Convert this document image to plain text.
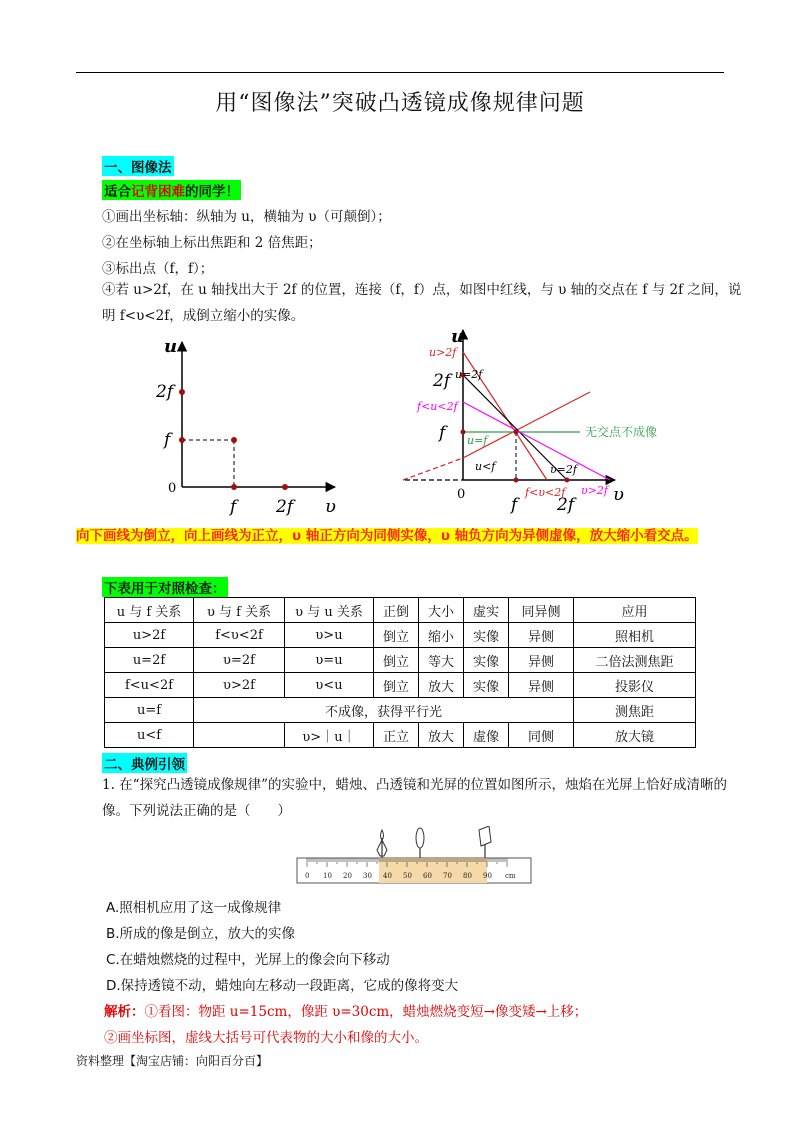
用“图像法”突破凸透镜成像规律问题
一、图像法
适合记背困难的同学！
①画出坐标轴：纵轴为 u，横轴为 υ（可颠倒）；
②在坐标轴上标出焦距和 2 倍焦距；
③标出点（f，f）；
④若 u>2f，在 u 轴找出大于 2f 的位置，连接（f，f）点，如图中红线，与 υ 轴的交点在 f 与 2f 之间，说明 f<υ<2f，成倒立缩小的实像。
u
υ
0
2f
f
f 2f
u
υ
0
2f
f
f 2f
u>2f
u=2f
f<u<2f
u=f
u<f	υ=2f
f<υ<2f υ>2f
无交点不成像
向下画线为倒立，向上画线为正立，υ 轴正方向为同侧实像，υ 轴负方向为异侧虚像，放大缩小看交点。
下表用于对照检查：
u 与 f 关系	υ 与 f 关系	υ 与 u 关系	正倒	大小	虚实	同异侧	应用
u>2f	f<υ<2f	υ>u	倒立	缩小	实像	异侧	照相机
u=2f	υ=2f	υ=u	倒立	等大	实像	异侧	二倍法测焦距
f<u<2f	υ>2f	υ<u	倒立	放大	实像	异侧	投影仪
u=f	不成像，获得平行光						测焦距
u<f		υ>｜u｜	正立	放大	虚像	同侧	放大镜
二、典例引领
1. 在“探究凸透镜成像规律”的实验中，蜡烛、凸透镜和光屏的位置如图所示，烛焰在光屏上恰好成清晰的像。下列说法正确的是（　　）
0 10 20 30 40 50 60 70 80 90 cm
A.照相机应用了这一成像规律
B.所成的像是倒立，放大的实像
C.在蜡烛燃烧的过程中，光屏上的像会向下移动
D.保持透镜不动，蜡烛向左移动一段距离，它成的像将变大
解析：①看图：物距 u=15cm，像距 υ=30cm，蜡烛燃烧变短→像变矮→上移；
②画坐标图，虚线大括号可代表物的大小和像的大小。
资料整理【淘宝店铺：向阳百分百】
